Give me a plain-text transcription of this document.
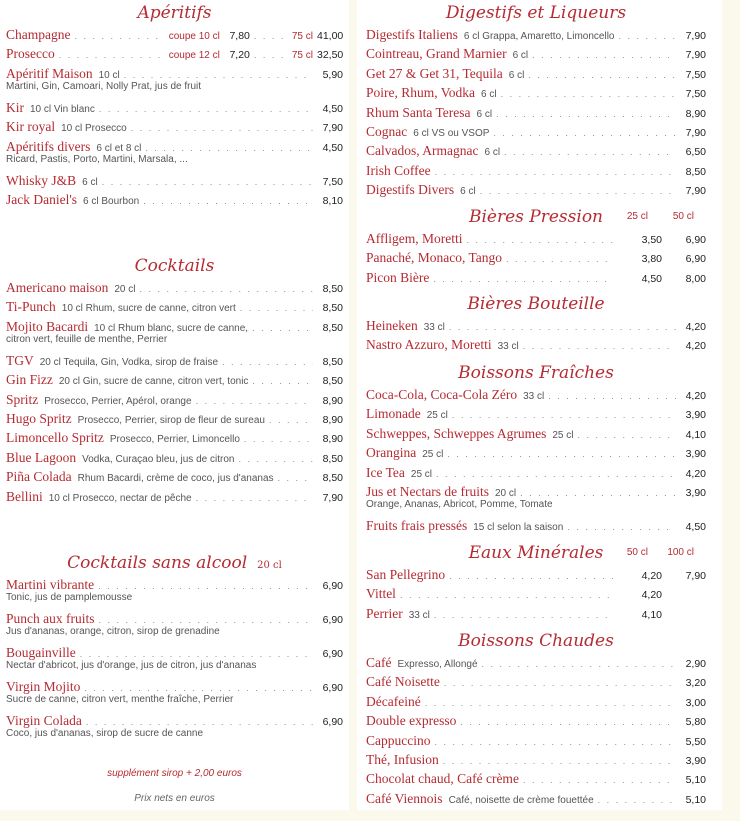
Apéritifs
Champagne . . .	coupe 10 cl 7,80 . . .	75 cl 41,00
Prosecco . . .	coupe 12 cl 7,20 . . .	75 cl 32,50
Apéritif Maison 10 cl . . .	5,90
Martini, Gin, Camoari, Nolly Prat, jus de fruit
Kir 10 cl Vin blanc . . .	4,50
Kir royal 10 cl Prosecco . . .	7,90
Apéritifs divers 6 cl et 8 cl . . .	4,50
Ricard, Pastis, Porto, Martini, Marsala, ...
Whisky J&B 6 cl . . .	7,50
Jack Daniel's 6 cl Bourbon . . .	8,10
Cocktails
Americano maison 20 cl . . .	8,50
Ti-Punch 10 cl Rhum, sucre de canne, citron vert . . .	8,50
Mojito Bacardi 10 cl Rhum blanc, sucre de canne, . . .	8,50
citron vert, feuille de menthe, Perrier
TGV 20 cl Tequila, Gin, Vodka, sirop de fraise . . .	8,50
Gin Fizz 20 cl Gin, sucre de canne, citron vert, tonic . . .	8,50
Spritz Prosecco, Perrier, Apérol, orange . . .	8,90
Hugo Spritz Prosecco, Perrier, sirop de fleur de sureau . . .	8,90
Limoncello Spritz Prosecco, Perrier, Limoncello . . .	8,90
Blue Lagoon Vodka, Curaçao bleu, jus de citron . . .	8,50
Piña Colada Rhum Bacardi, crème de coco, jus d'ananas . . .	8,50
Bellini 10 cl Prosecco, nectar de pêche . . .	7,90
Cocktails sans alcool 20 cl
Martini vibrante . . .	6,90
Tonic, jus de pamplemousse
Punch aux fruits . . .	6,90
Jus d'ananas, orange, citron, sirop de grenadine
Bougainville . . .	6,90
Nectar d'abricot, jus d'orange, jus de citron, jus d'ananas
Virgin Mojito . . .	6,90
Sucre de canne, citron vert, menthe fraîche, Perrier
Virgin Colada . . .	6,90
Coco, jus d'ananas, sirop de sucre de canne
supplément sirop + 2,00 euros
Prix nets en euros
Digestifs et Liqueurs
Digestifs Italiens 6 cl Grappa, Amaretto, Limoncello . . .	7,90
Cointreau, Grand Marnier 6 cl . . .	7,90
Get 27 & Get 31, Tequila 6 cl . . .	7,50
Poire, Rhum, Vodka 6 cl . . .	7,50
Rhum Santa Teresa 6 cl . . .	8,90
Cognac 6 cl VS ou VSOP . . .	7,90
Calvados, Armagnac 6 cl . . .	6,50
Irish Coffee . . .	8,50
Digestifs Divers 6 cl . . .	7,90
Bières Pression	25 cl 50 cl
Affligem, Moretti . . .	3,50	6,90
Panaché, Monaco, Tango . . .	3,80	6,90
Picon Bière . . .	4,50	8,00
Bières Bouteille
Heineken 33 cl . . .	4,20
Nastro Azzuro, Moretti 33 cl . . .	4,20
Boissons Fraîches
Coca-Cola, Coca-Cola Zéro 33 cl . . .	4,20
Limonade 25 cl . . .	3,90
Schweppes, Schweppes Agrumes 25 cl . . .	4,10
Orangina 25 cl . . .	3,90
Ice Tea 25 cl . . .	4,20
Jus et Nectars de fruits 20 cl . . .	3,90
Orange, Ananas, Abricot, Pomme, Tomate
Fruits frais pressés 15 cl selon la saison . . .	4,50
Eaux Minérales	50 cl 100 cl
San Pellegrino . . .	4,20	7,90
Vittel . . .	4,20
Perrier 33 cl . . .	4,10
Boissons Chaudes
Café Expresso, Allongé . . .	2,90
Café Noisette . . .	3,20
Décafeiné . . .	3,00
Double expresso . . .	5,80
Cappuccino . . .	5,50
Thé, Infusion . . .	3,90
Chocolat chaud, Café crème . . .	5,10
Café Viennois Café, noisette de crème fouettée . . .	5,10
